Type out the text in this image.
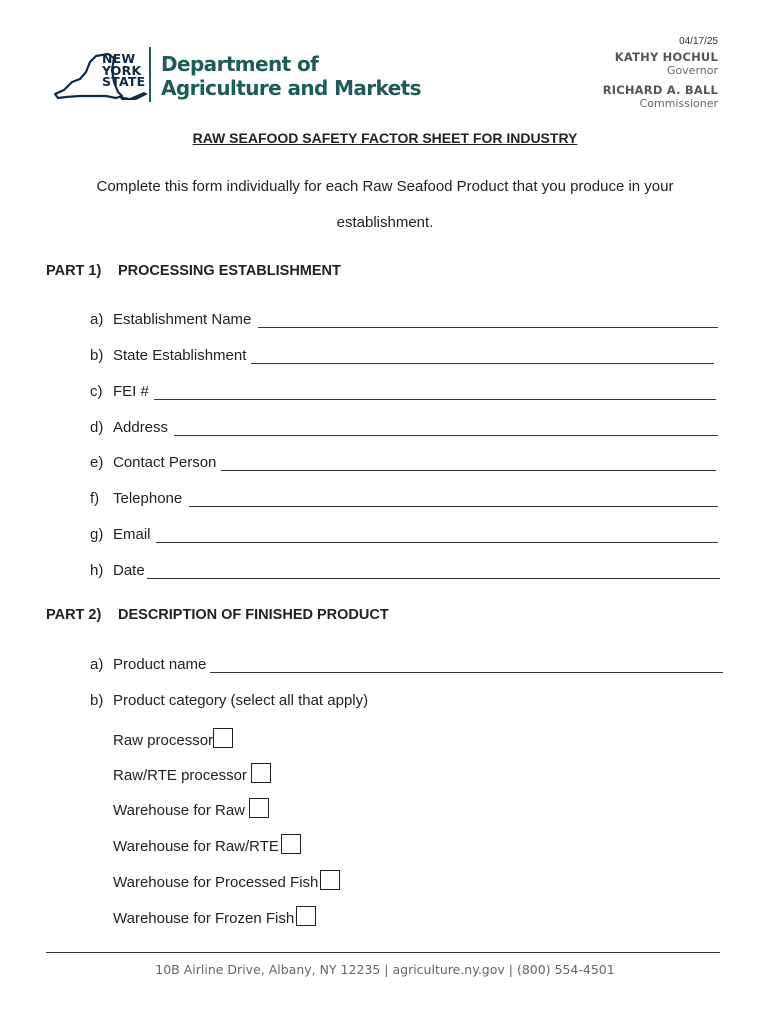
NEW
YORK
STATE
Department of
Agriculture and Markets
04/17/25
KATHY HOCHUL
Governor
RICHARD A. BALL
Commissioner
RAW SEAFOOD SAFETY FACTOR SHEET FOR INDUSTRY
Complete this form individually for each Raw Seafood Product that you produce in your
establishment.
PART 1) PROCESSING ESTABLISHMENT
a) Establishment Name
b) State Establishment
c) FEI #
d) Address
e) Contact Person
f) Telephone
g) Email
h) Date
PART 2) DESCRIPTION OF FINISHED PRODUCT
a) Product name
b) Product category (select all that apply)
Raw processor
Raw/RTE processor
Warehouse for Raw
Warehouse for Raw/RTE
Warehouse for Processed Fish
Warehouse for Frozen Fish
10B Airline Drive, Albany, NY 12235 | agriculture.ny.gov | (800) 554-4501
